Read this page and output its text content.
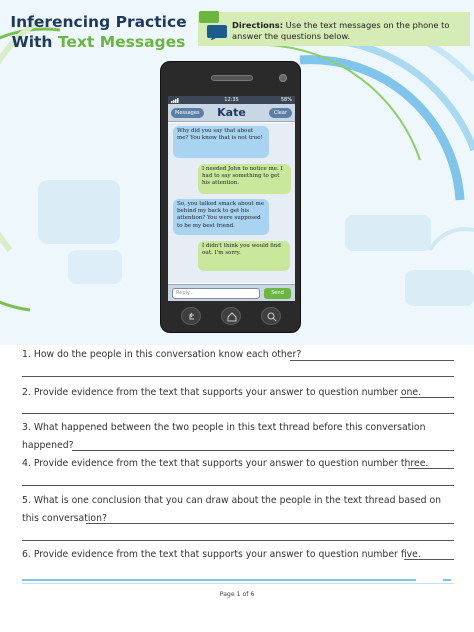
Inferencing Practice
With Text Messages
Directions: Use the text messages on the phone to answer the questions below.
12:35	58%
Messages	Kate	Clear
Why did you say that about me? You know that is not true!
I needed John to notice me. I had to say something to get his attention.
So, you talked smack about me behind my back to get his attention? You were supposed to be my best friend.
I didn't think you would find out. I'm sorry.
Reply...	Send
1. How do the people in this conversation know each other?
2. Provide evidence from the text that supports your answer to question number one.
3. What happened between the two people in this text thread before this conversation happened?
4. Provide evidence from the text that supports your answer to question number three.
5. What is one conclusion that you can draw about the people in the text thread based on this conversation?
6. Provide evidence from the text that supports your answer to question number five.
Page 1 of 6
